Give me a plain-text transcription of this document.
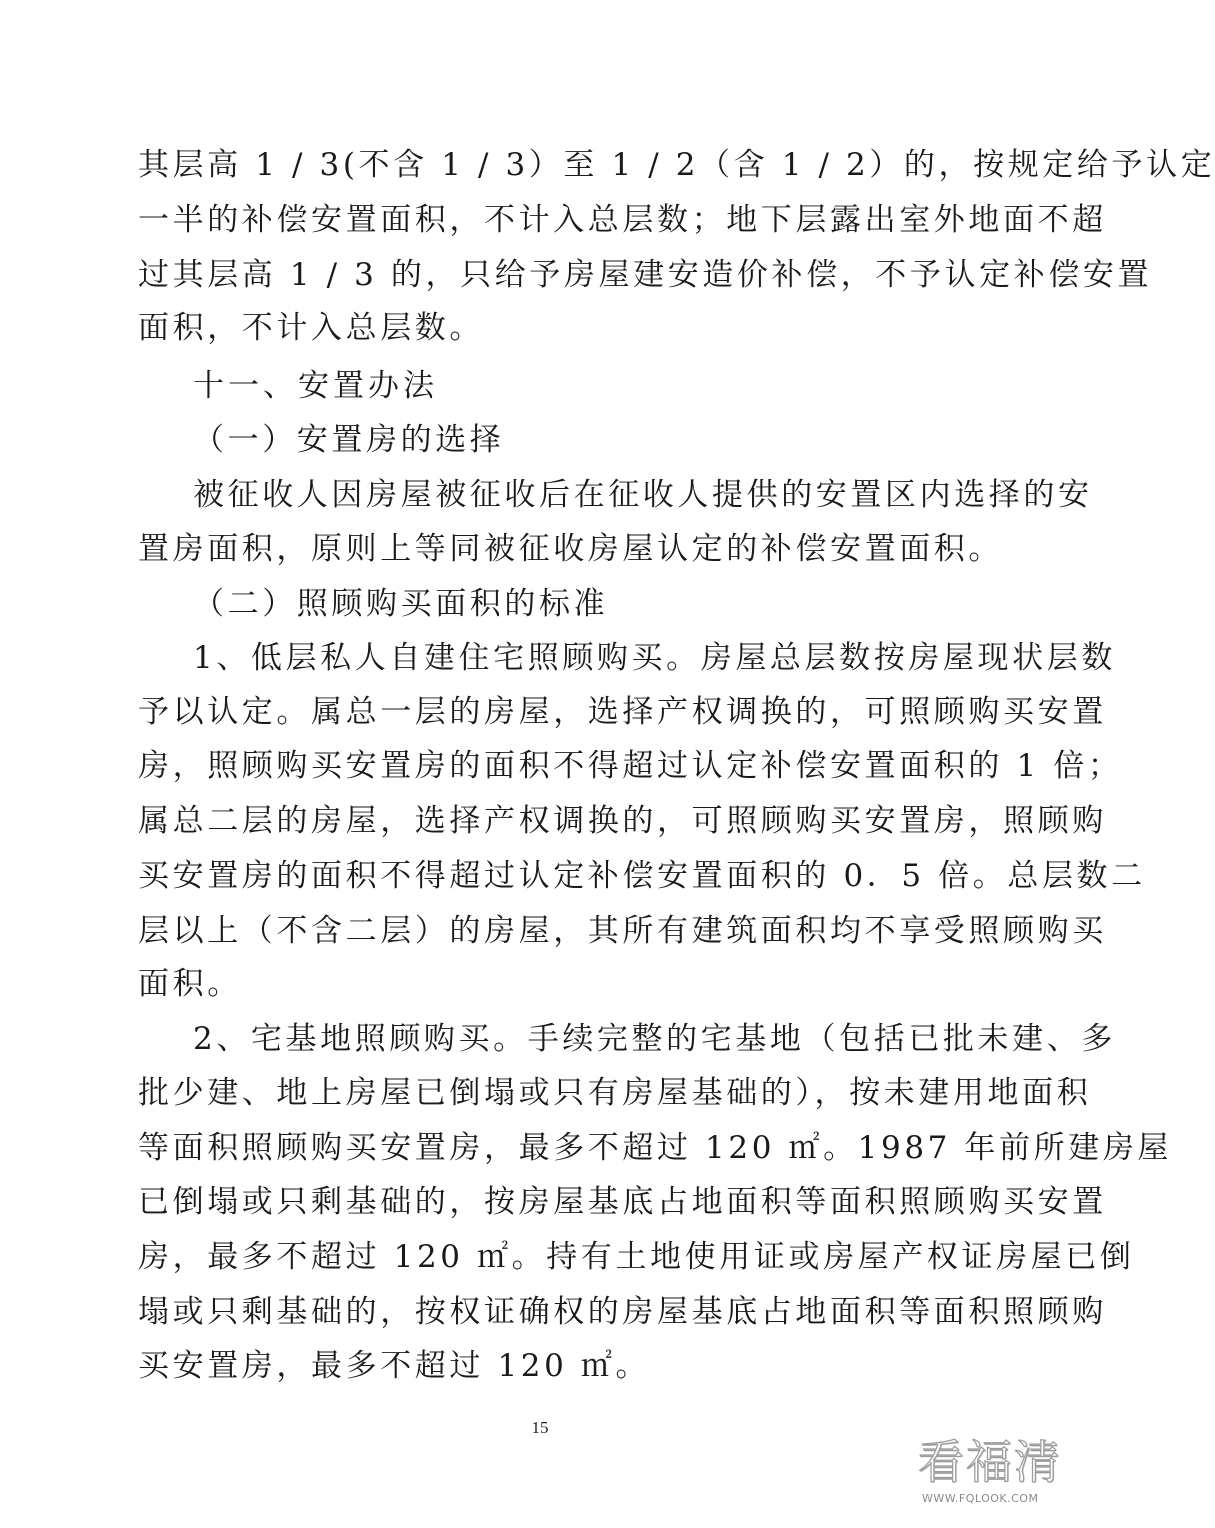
其层高 1 / 3(不含 1 / 3）至 1 / 2（含 1 / 2）的，按规定给予认定
一半的补偿安置面积，不计入总层数；地下层露出室外地面不超
过其层高 1 / 3 的，只给予房屋建安造价补偿，不予认定补偿安置
面积，不计入总层数。
十一、安置办法
（一）安置房的选择
被征收人因房屋被征收后在征收人提供的安置区内选择的安
置房面积，原则上等同被征收房屋认定的补偿安置面积。
（二）照顾购买面积的标准
1、低层私人自建住宅照顾购买。房屋总层数按房屋现状层数
予以认定。属总一层的房屋，选择产权调换的，可照顾购买安置
房，照顾购买安置房的面积不得超过认定补偿安置面积的 1 倍；
属总二层的房屋，选择产权调换的，可照顾购买安置房，照顾购
买安置房的面积不得超过认定补偿安置面积的 0．5 倍。总层数二
层以上（不含二层）的房屋，其所有建筑面积均不享受照顾购买
面积。
2、宅基地照顾购买。手续完整的宅基地（包括已批未建、多
批少建、地上房屋已倒塌或只有房屋基础的），按未建用地面积
等面积照顾购买安置房，最多不超过 120 ㎡。1987 年前所建房屋
已倒塌或只剩基础的，按房屋基底占地面积等面积照顾购买安置
房，最多不超过 120 ㎡。持有土地使用证或房屋产权证房屋已倒
塌或只剩基础的，按权证确权的房屋基底占地面积等面积照顾购
买安置房，最多不超过 120 ㎡。
15
看福清
WWW.FQLOOK.COM
